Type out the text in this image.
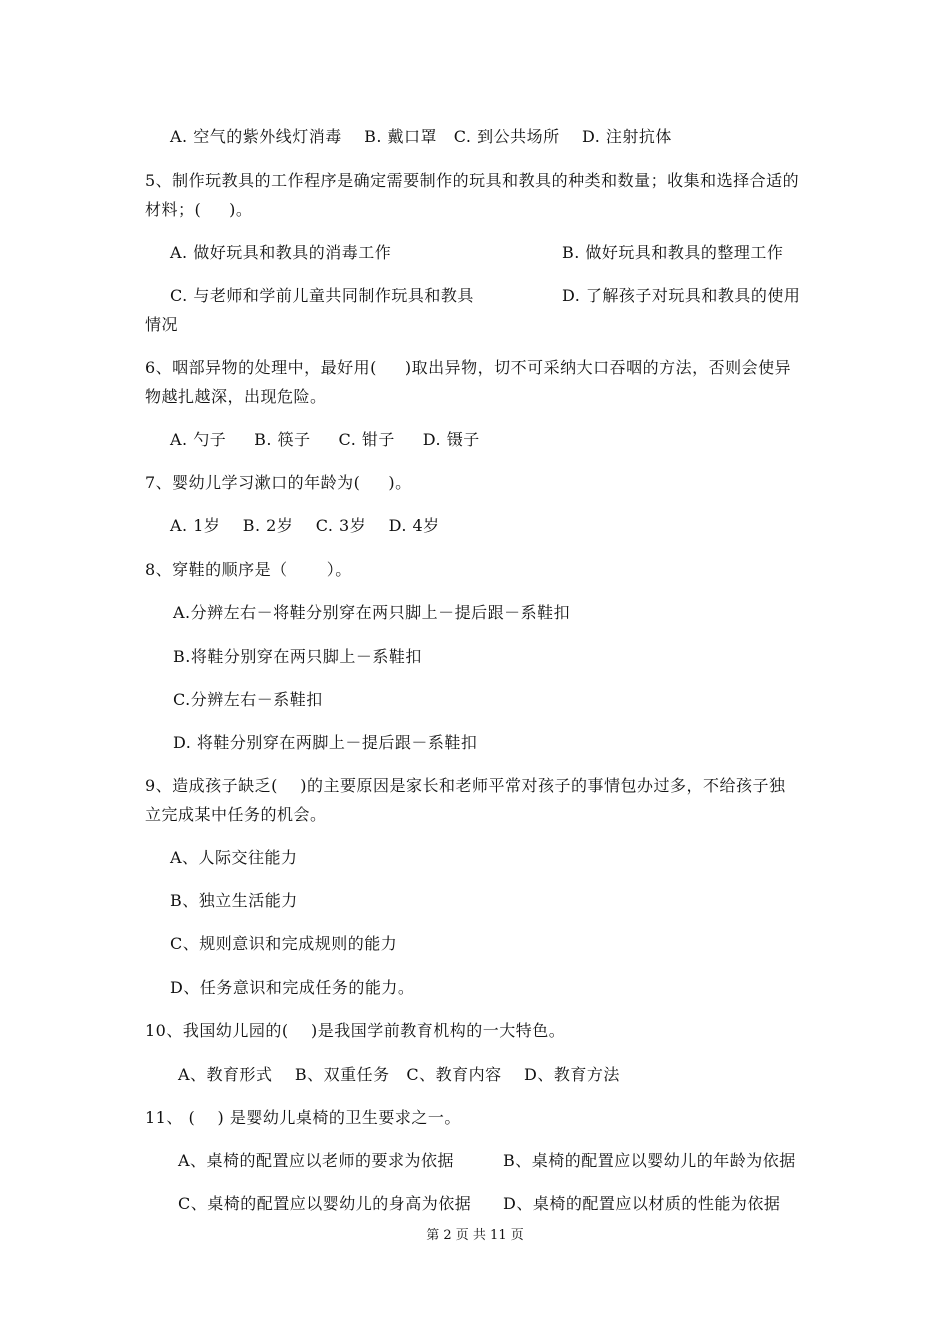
A. 空气的紫外线灯消毒    B. 戴口罩   C. 到公共场所    D. 注射抗体

5、制作玩教具的工作程序是确定需要制作的玩具和教具的种类和数量；收集和选择合适的

材料；(     )。

A. 做好玩具和教具的消毒工作	B. 做好玩具和教具的整理工作

C. 与老师和学前儿童共同制作玩具和教具	D. 了解孩子对玩具和教具的使用

情况

6、咽部异物的处理中，最好用(     )取出异物，切不可采纳大口吞咽的方法，否则会使异

物越扎越深，出现危险。

A. 勺子     B. 筷子     C. 钳子     D. 镊子

7、婴幼儿学习漱口的年龄为(     )。

A. 1岁    B. 2岁    C. 3岁    D. 4岁

8、穿鞋的顺序是（       ）。

A.分辨左右－将鞋分别穿在两只脚上－提后跟－系鞋扣

B.将鞋分别穿在两只脚上－系鞋扣

C.分辨左右－系鞋扣

D. 将鞋分别穿在两脚上－提后跟－系鞋扣

9、造成孩子缺乏(    )的主要原因是家长和老师平常对孩子的事情包办过多，不给孩子独

立完成某中任务的机会。

A、人际交往能力

B、独立生活能力

C、规则意识和完成规则的能力

D、任务意识和完成任务的能力。

10、我国幼儿园的(    )是我国学前教育机构的一大特色。

A、教育形式    B、双重任务   C、教育内容    D、教育方法

11、 (    ) 是婴幼儿桌椅的卫生要求之一。

A、桌椅的配置应以老师的要求为依据	B、桌椅的配置应以婴幼儿的年龄为依据

C、桌椅的配置应以婴幼儿的身高为依据 D、桌椅的配置应以材质的性能为依据

第 2 页 共 11 页
